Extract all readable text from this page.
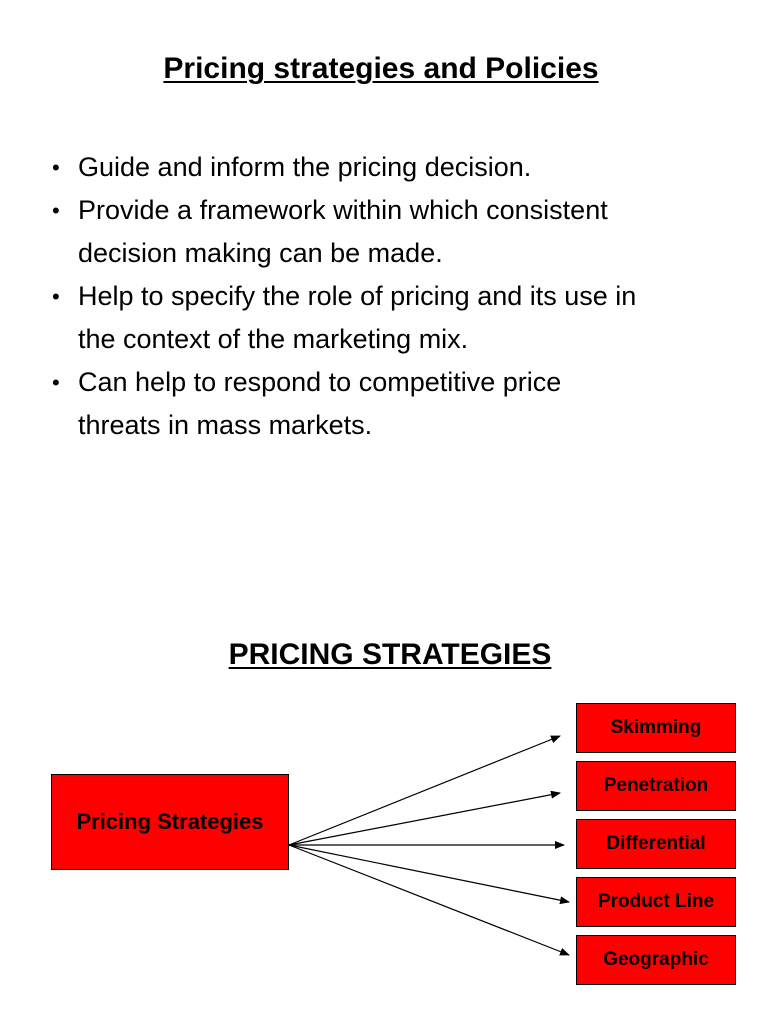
Pricing strategies and Policies
• Guide and inform the pricing decision.
• Provide a framework within which consistent
decision making can be made.
• Help to specify the role of pricing and its use in
the context of the marketing mix.
• Can help to respond to competitive price
threats in mass markets.
PRICING STRATEGIES
Pricing Strategies
Skimming
Penetration
Differential
Product Line
Geographic
